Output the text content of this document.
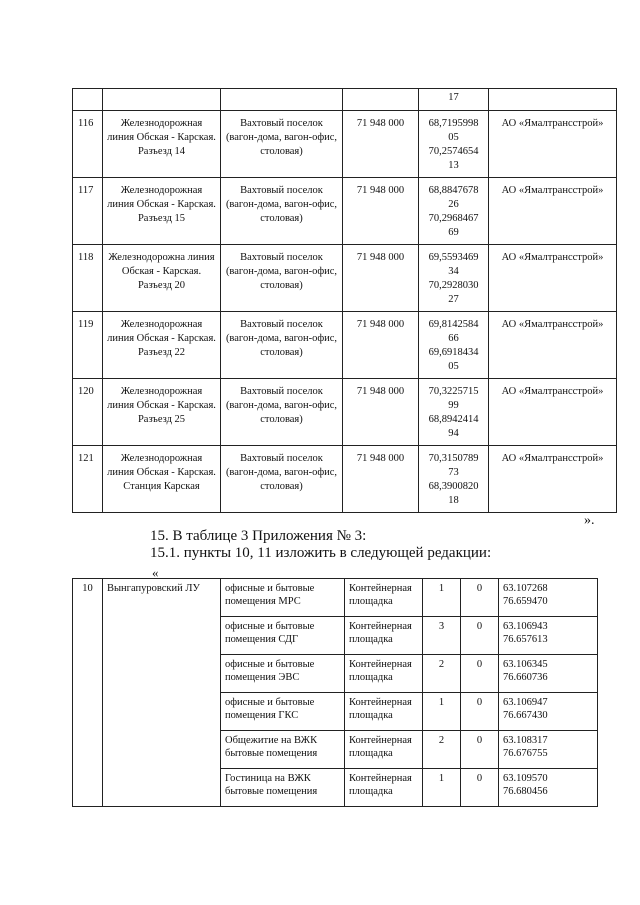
				17	
116	Железнодорожная линия Обская - Карская. Разъезд 14	Вахтовый поселок (вагон-дома, вагон-офис, столовая)	71 948 000	68,7195998
05
70,2574654
13	АО «Ямалтрансстрой»
117	Железнодорожная линия Обская - Карская. Разъезд 15	Вахтовый поселок (вагон-дома, вагон-офис, столовая)	71 948 000	68,8847678
26
70,2968467
69	АО «Ямалтрансстрой»
118	Железнодорожна линия Обская - Карская. Разъезд 20	Вахтовый поселок (вагон-дома, вагон-офис, столовая)	71 948 000	69,5593469
34
70,2928030
27	АО «Ямалтрансстрой»
119	Железнодорожная линия Обская - Карская. Разъезд 22	Вахтовый поселок (вагон-дома, вагон-офис, столовая)	71 948 000	69,8142584
66
69,6918434
05	АО «Ямалтрансстрой»
120	Железнодорожная линия Обская - Карская. Разъезд 25	Вахтовый поселок (вагон-дома, вагон-офис, столовая)	71 948 000	70,3225715
99
68,8942414
94	АО «Ямалтрансстрой»
121	Железнодорожная линия Обская - Карская. Станция Карская	Вахтовый поселок (вагон-дома, вагон-офис, столовая)	71 948 000	70,3150789
73
68,3900820
18	АО «Ямалтрансстрой»
».
15. В таблице 3 Приложения № 3:
15.1. пункты 10, 11 изложить в следующей редакции:
«
10	Вынгапуровский ЛУ	офисные и бытовые помещения МРС	Контейнерная площадка	1	0	63.107268
76.659470

		офисные и бытовые помещения СДГ	Контейнерная площадка	3	0	63.106943
76.657613

		офисные и бытовые помещения ЭВС	Контейнерная площадка	2	0	63.106345
76.660736

		офисные и бытовые помещения ГКС	Контейнерная площадка	1	0	63.106947
76.667430

		Общежитие на ВЖК бытовые помещения	Контейнерная площадка	2	0	63.108317
76.676755

		Гостиница на ВЖК бытовые помещения	Контейнерная площадка	1	0	63.109570
76.680456
